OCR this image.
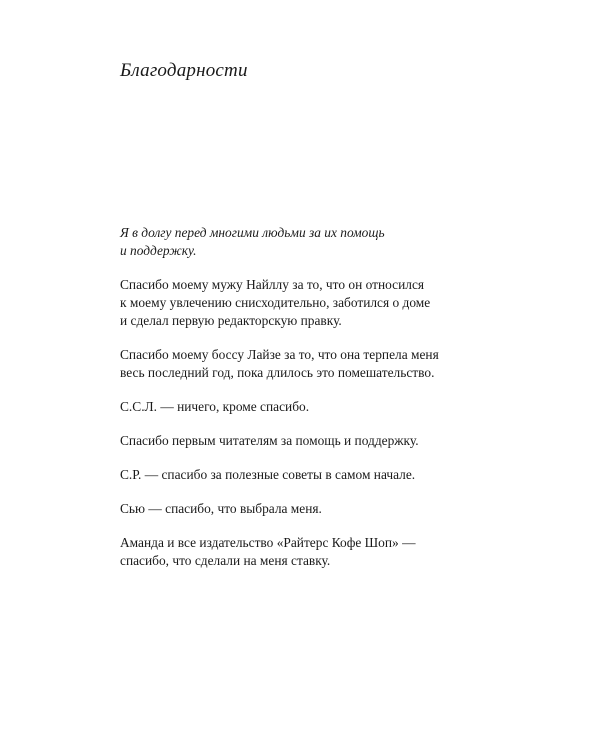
Благодарности

Я в долгу перед многими людьми за их помощь
и поддержку.

Спасибо моему мужу Найллу за то, что он относился
к моему увлечению снисходительно, заботился о доме
и сделал первую редакторскую правку.

Спасибо моему боссу Лайзе за то, что она терпела меня
весь последний год, пока длилось это помешательство.

С.С.Л. — ничего, кроме спасибо.

Спасибо первым читателям за помощь и поддержку.

С.Р. — спасибо за полезные советы в самом начале.

Сью — спасибо, что выбрала меня.

Аманда и все издательство «Райтерс Кофе Шоп» —
спасибо, что сделали на меня ставку.
